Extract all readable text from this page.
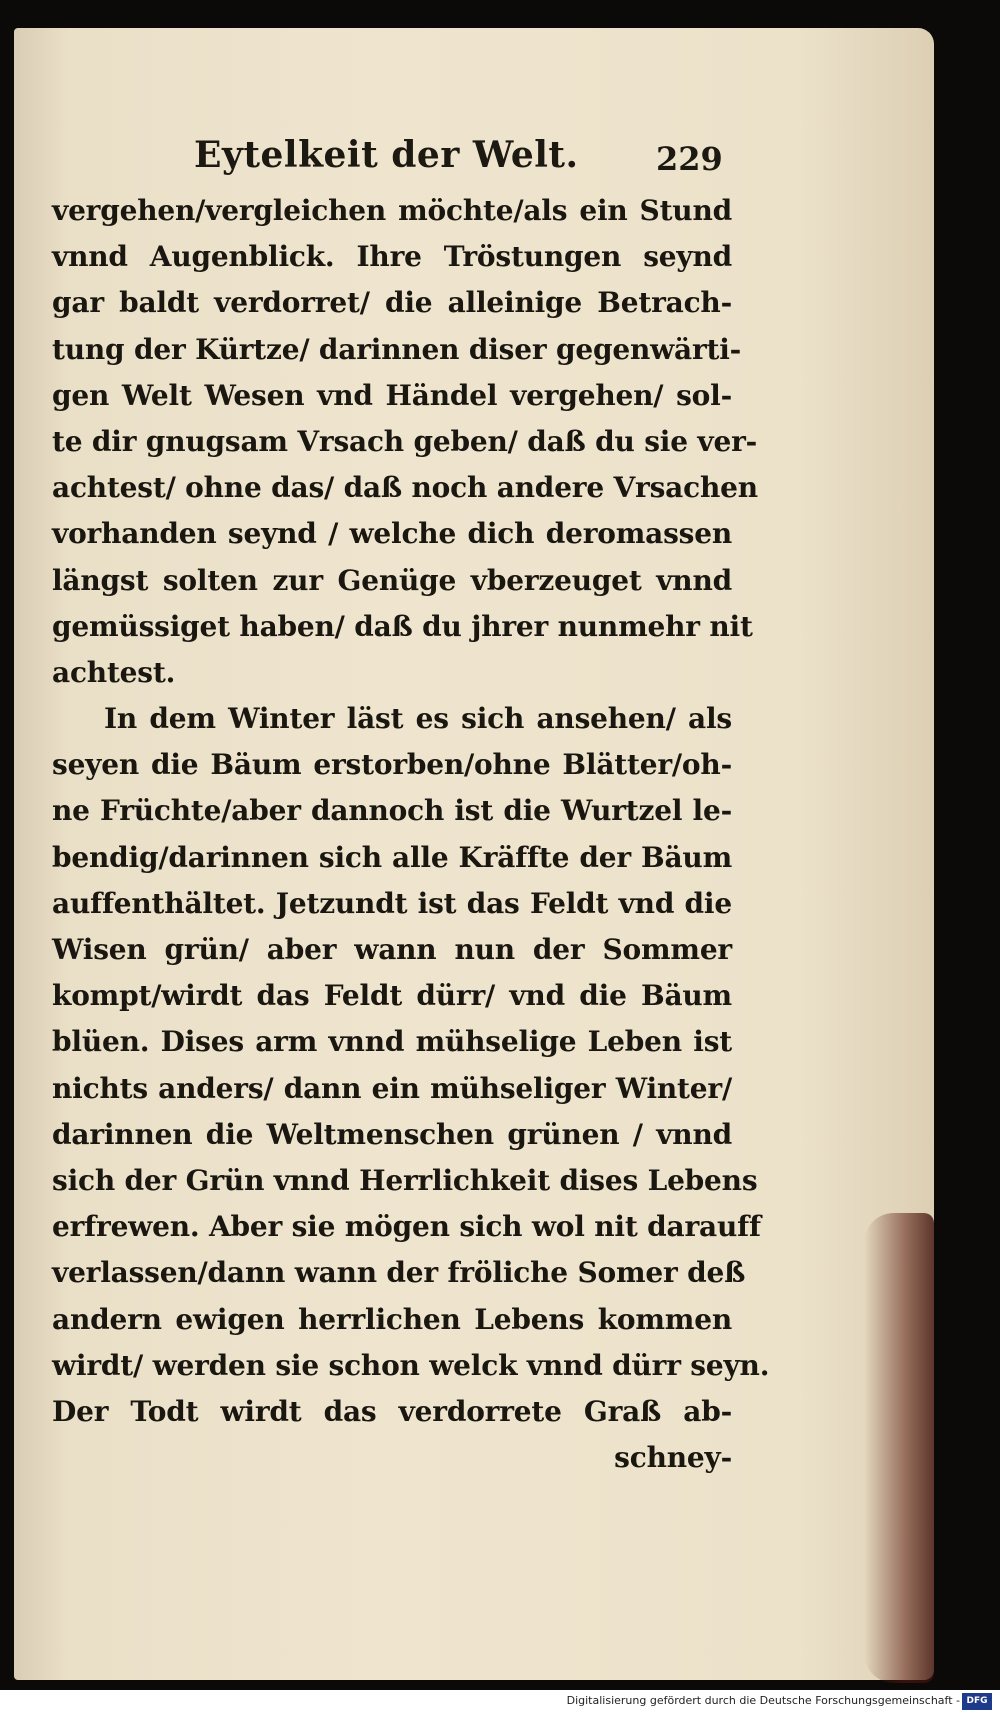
Eytelkeit der Welt. 229
vergehen/vergleichen möchte/als ein Stund
vnnd Augenblick. Ihre Tröstungen seynd
gar baldt verdorret/ die alleinige Betrach-
tung der Kürtze/ darinnen diser gegenwärti-
gen Welt Wesen vnd Händel vergehen/ sol-
te dir gnugsam Vrsach geben/ daß du sie ver-
achtest/ ohne das/ daß noch andere Vrsachen
vorhanden seynd / welche dich deromassen
längst solten zur Genüge vberzeuget vnnd
gemüssiget haben/ daß du jhrer nunmehr nit
achtest.
In dem Winter läst es sich ansehen/ als
seyen die Bäum erstorben/ohne Blätter/oh-
ne Früchte/aber dannoch ist die Wurtzel le-
bendig/darinnen sich alle Kräffte der Bäum
auffenthältet. Jetzundt ist das Feldt vnd die
Wisen grün/ aber wann nun der Sommer
kompt/wirdt das Feldt dürr/ vnd die Bäum
blüen. Dises arm vnnd mühselige Leben ist
nichts anders/ dann ein mühseliger Winter/
darinnen die Weltmenschen grünen / vnnd
sich der Grün vnnd Herrlichkeit dises Lebens
erfrewen. Aber sie mögen sich wol nit darauff
verlassen/dann wann der fröliche Somer deß
andern ewigen herrlichen Lebens kommen
wirdt/ werden sie schon welck vnnd dürr seyn.
Der Todt wirdt das verdorrete Graß ab-
schney-
Digitalisierung gefördert durch die Deutsche Forschungsgemeinschaft - DFG
